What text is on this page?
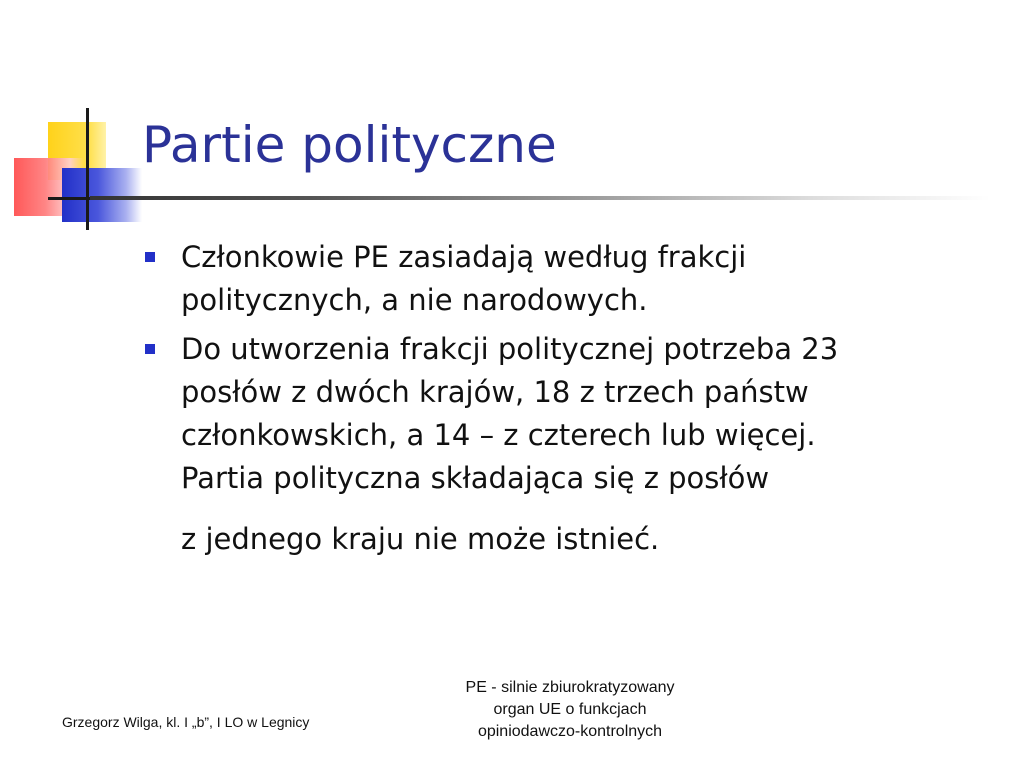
Partie polityczne
Członkowie PE zasiadają według frakcji
politycznych, a nie narodowych.
Do utworzenia frakcji politycznej potrzeba 23
posłów z dwóch krajów, 18 z trzech państw
członkowskich, a 14 – z czterech lub więcej.
Partia polityczna składająca się z posłów
z jednego kraju nie może istnieć.
Grzegorz Wilga, kl. I „b”, I LO w Legnicy
PE - silnie zbiurokratyzowany
organ UE o funkcjach
opiniodawczo-kontrolnych
